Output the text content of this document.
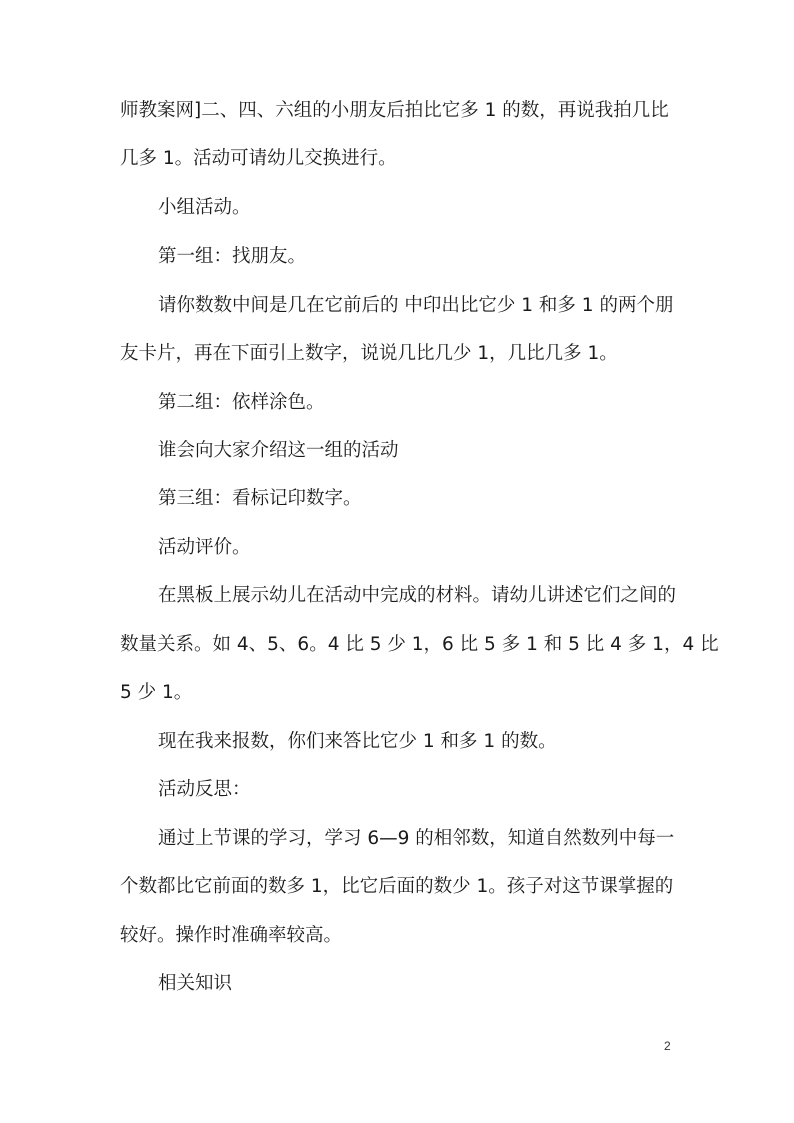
师教案网]二、四、六组的小朋友后拍比它多 1 的数，再说我拍几比
几多 1。活动可请幼儿交换进行。
小组活动。
第一组：找朋友。
请你数数中间是几在它前后的 中印出比它少 1 和多 1 的两个朋
友卡片，再在下面引上数字，说说几比几少 1，几比几多 1。
第二组：依样涂色。
谁会向大家介绍这一组的活动
第三组：看标记印数字。
活动评价。
在黑板上展示幼儿在活动中完成的材料。请幼儿讲述它们之间的
数量关系。如 4、5、6。4 比 5 少 1，6 比 5 多 1 和 5 比 4 多 1，4 比
5 少 1。
现在我来报数，你们来答比它少 1 和多 1 的数。
活动反思：
通过上节课的学习，学习 6—9 的相邻数，知道自然数列中每一
个数都比它前面的数多 1，比它后面的数少 1。孩子对这节课掌握的
较好。操作时准确率较高。
相关知识
2
